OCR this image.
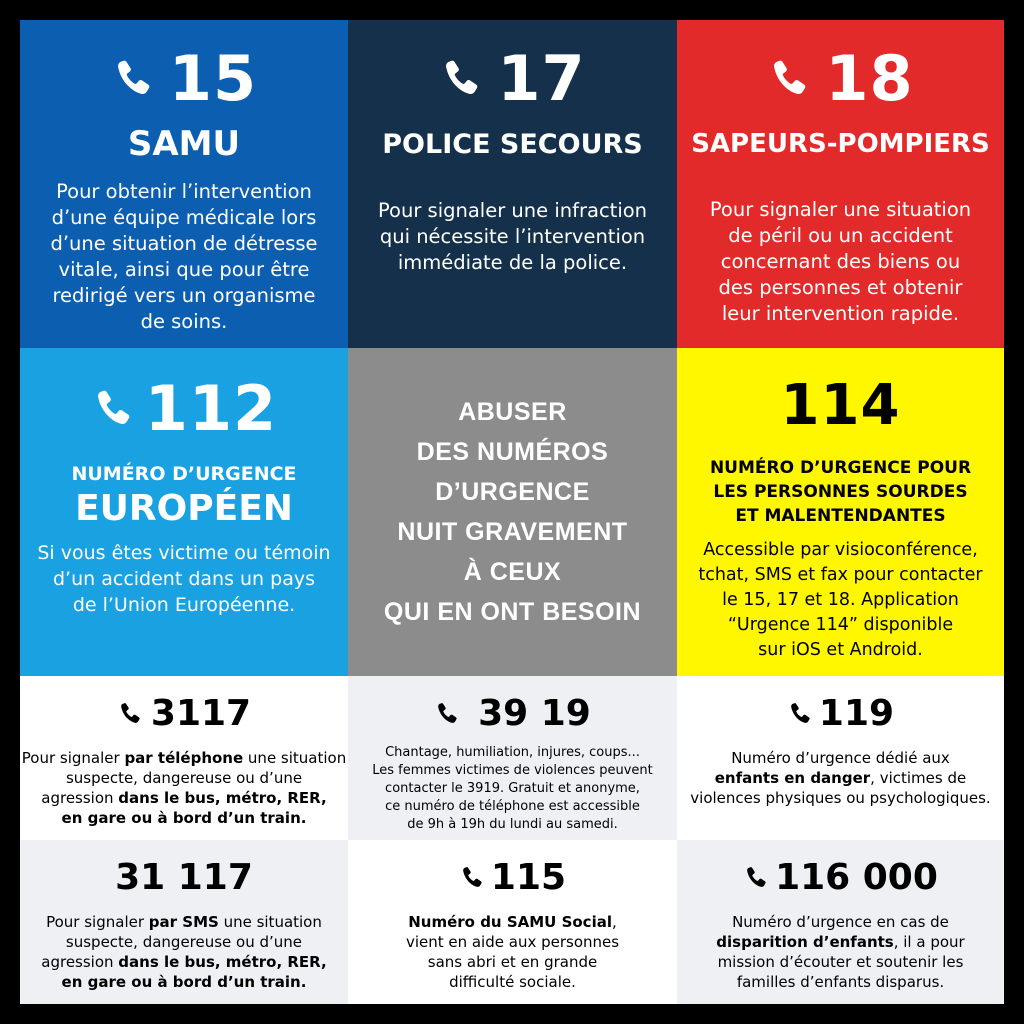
15
SAMU
Pour obtenir l’intervention
d’une équipe médicale lors
d’une situation de détresse
vitale, ainsi que pour être
redirigé vers un organisme
de soins.
17
POLICE SECOURS
Pour signaler une infraction
qui nécessite l’intervention
immédiate de la police.
18
SAPEURS-POMPIERS
Pour signaler une situation
de péril ou un accident
concernant des biens ou
des personnes et obtenir
leur intervention rapide.
112
NUMÉRO D’URGENCE
EUROPÉEN
Si vous êtes victime ou témoin
d’un accident dans un pays
de l’Union Européenne.
ABUSER
DES NUMÉROS
D’URGENCE
NUIT GRAVEMENT
À CEUX
QUI EN ONT BESOIN
114
NUMÉRO D’URGENCE POUR
LES PERSONNES SOURDES
ET MALENTENDANTES
Accessible par visioconférence,
tchat, SMS et fax pour contacter
le 15, 17 et 18. Application
“Urgence 114” disponible
sur iOS et Android.
3117
Pour signaler par téléphone une situation
suspecte, dangereuse ou d’une
agression dans le bus, métro, RER,
en gare ou à bord d’un train.
39 19
Chantage, humiliation, injures, coups...
Les femmes victimes de violences peuvent
contacter le 3919. Gratuit et anonyme,
ce numéro de téléphone est accessible
de 9h à 19h du lundi au samedi.
119
Numéro d’urgence dédié aux
enfants en danger, victimes de
violences physiques ou psychologiques.
31 117
Pour signaler par SMS une situation
suspecte, dangereuse ou d’une
agression dans le bus, métro, RER,
en gare ou à bord d’un train.
115
Numéro du SAMU Social,
vient en aide aux personnes
sans abri et en grande
difficulté sociale.
116 000
Numéro d’urgence en cas de
disparition d’enfants, il a pour
mission d’écouter et soutenir les
familles d’enfants disparus.
